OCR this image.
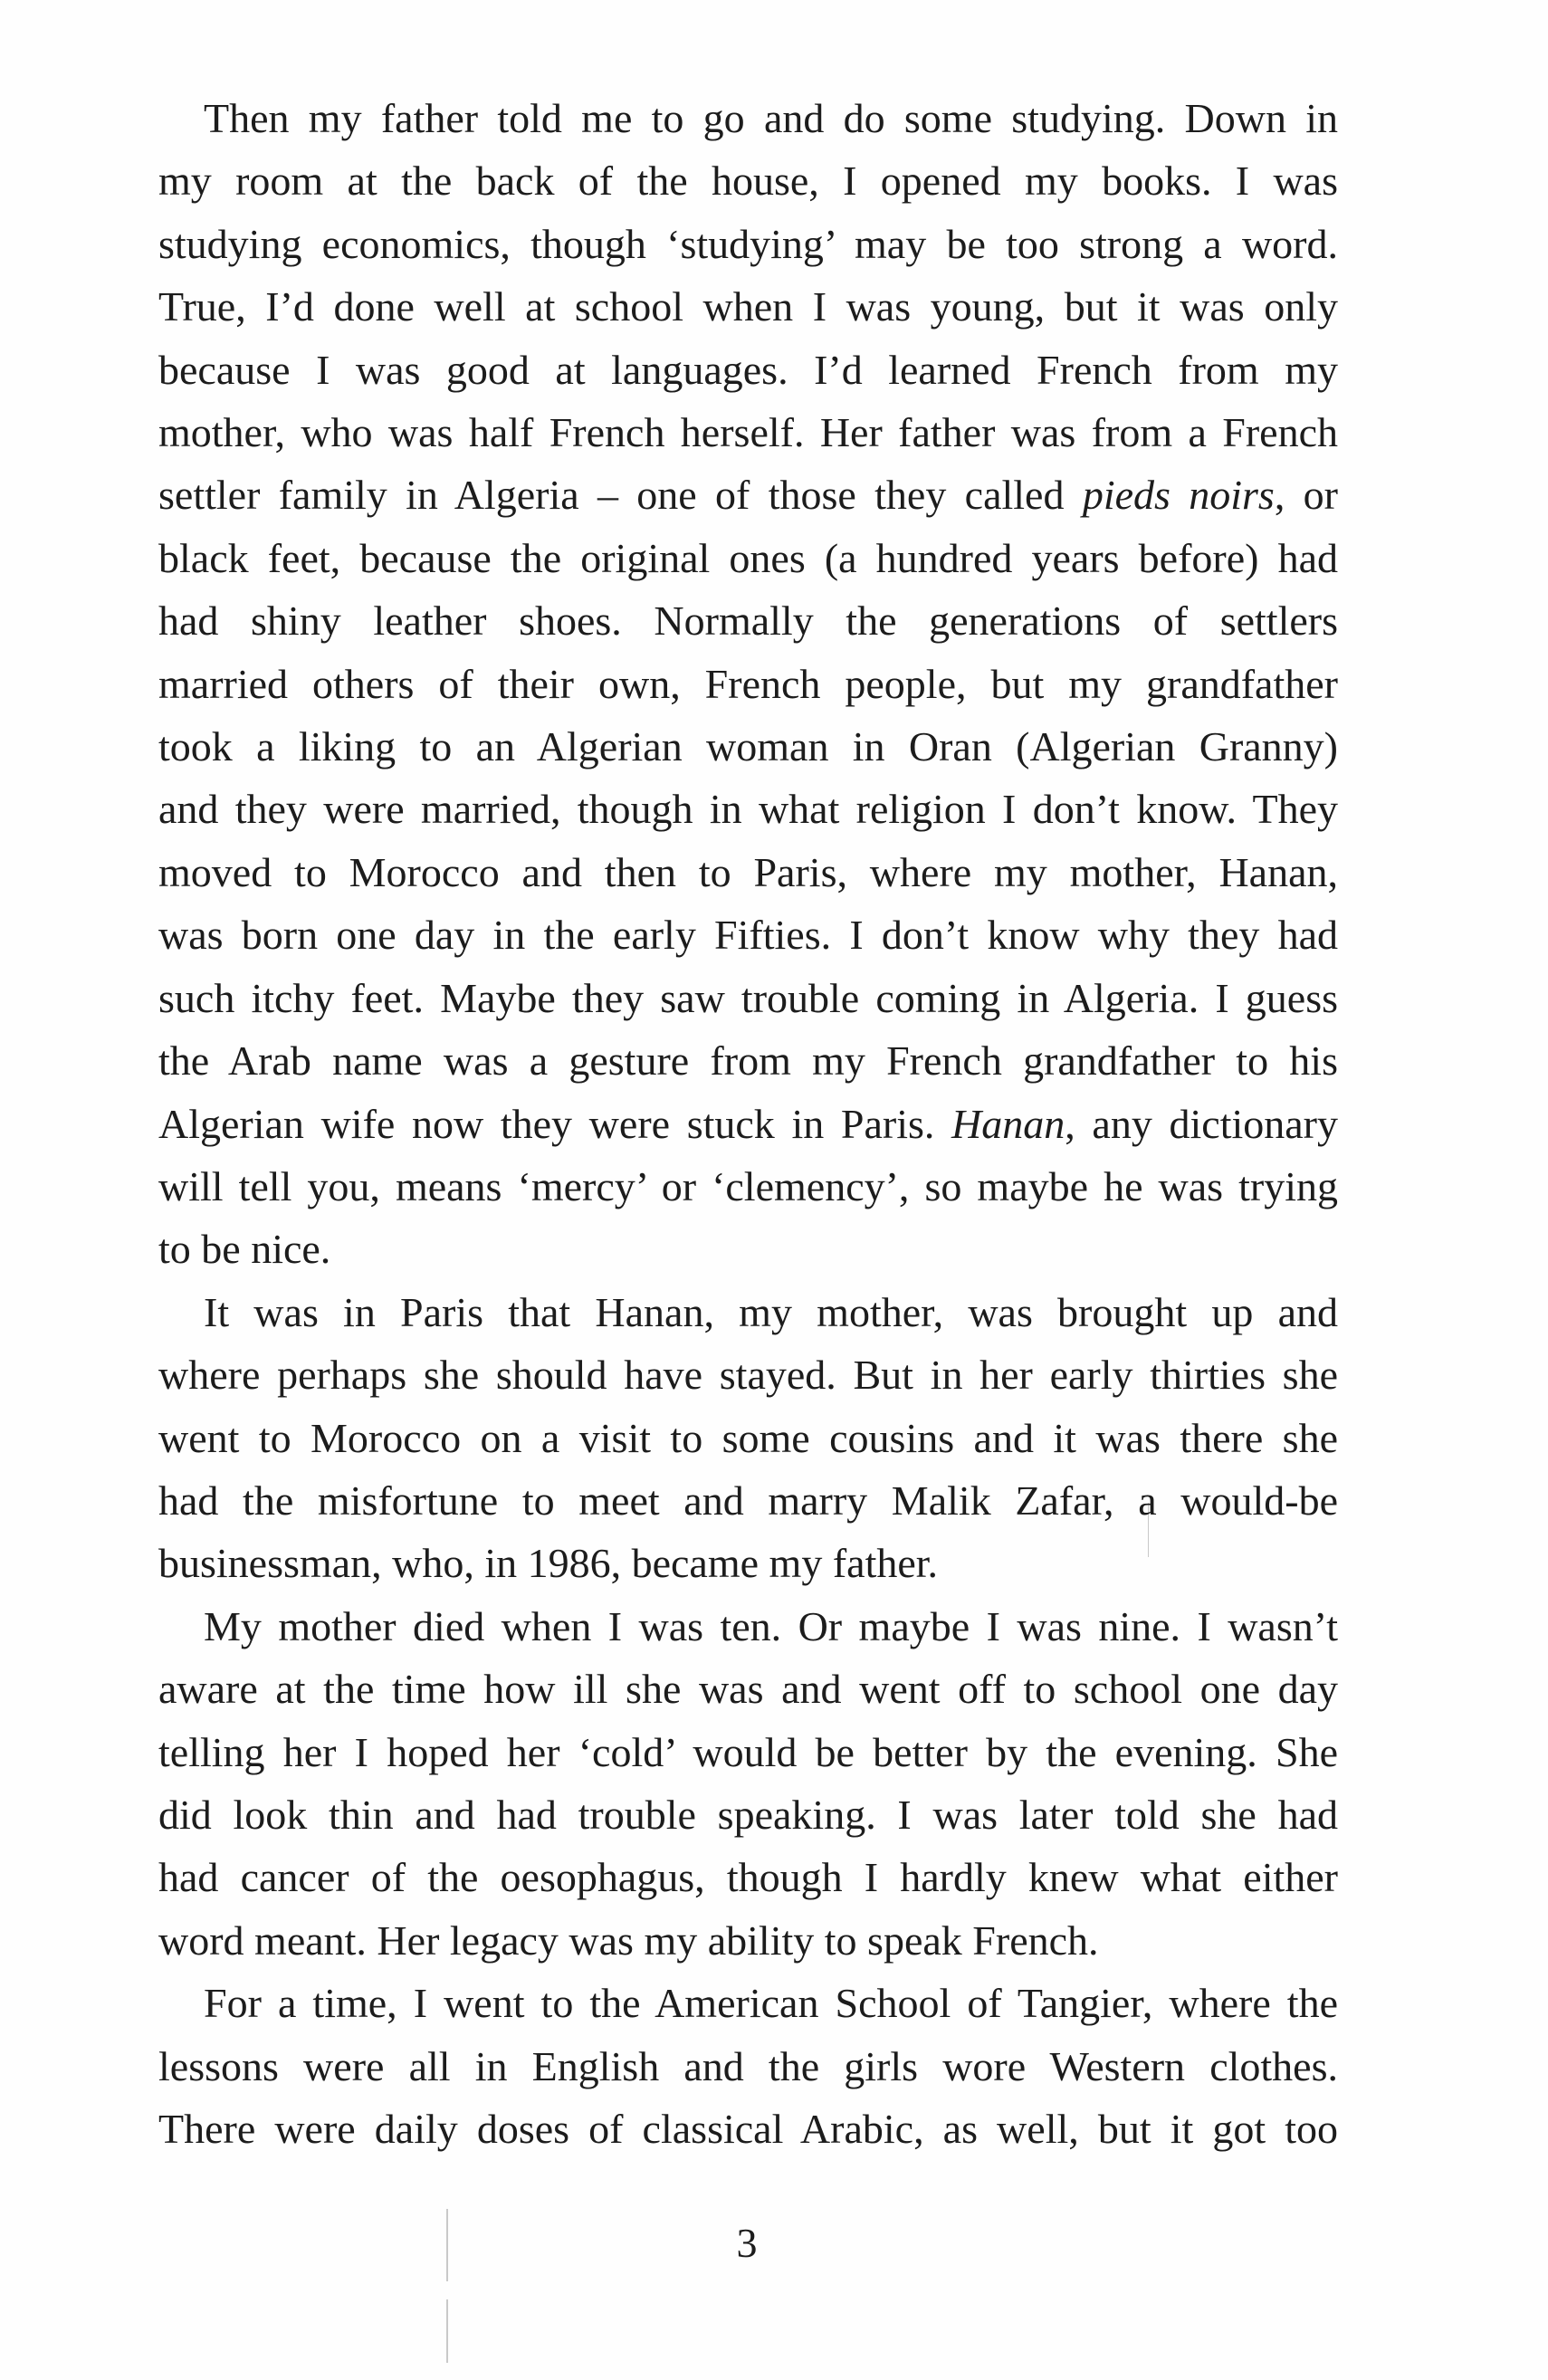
Then my father told me to go and do some studying. Down in
my room at the back of the house, I opened my books. I was
studying economics, though ‘studying’ may be too strong a word.
True, I’d done well at school when I was young, but it was only
because I was good at languages. I’d learned French from my
mother, who was half French herself. Her father was from a French
settler family in Algeria – one of those they called pieds noirs, or
black feet, because the original ones (a hundred years before) had
had shiny leather shoes. Normally the generations of settlers
married others of their own, French people, but my grandfather
took a liking to an Algerian woman in Oran (Algerian Granny)
and they were married, though in what religion I don’t know. They
moved to Morocco and then to Paris, where my mother, Hanan,
was born one day in the early Fifties. I don’t know why they had
such itchy feet. Maybe they saw trouble coming in Algeria. I guess
the Arab name was a gesture from my French grandfather to his
Algerian wife now they were stuck in Paris. Hanan, any dictionary
will tell you, means ‘mercy’ or ‘clemency’, so maybe he was trying
to be nice.

It was in Paris that Hanan, my mother, was brought up and
where perhaps she should have stayed. But in her early thirties she
went to Morocco on a visit to some cousins and it was there she
had the misfortune to meet and marry Malik Zafar, a would-be
businessman, who, in 1986, became my father.

My mother died when I was ten. Or maybe I was nine. I wasn’t
aware at the time how ill she was and went off to school one day
telling her I hoped her ‘cold’ would be better by the evening. She
did look thin and had trouble speaking. I was later told she had
had cancer of the oesophagus, though I hardly knew what either
word meant. Her legacy was my ability to speak French.

For a time, I went to the American School of Tangier, where the
lessons were all in English and the girls wore Western clothes.
There were daily doses of classical Arabic, as well, but it got too

3
